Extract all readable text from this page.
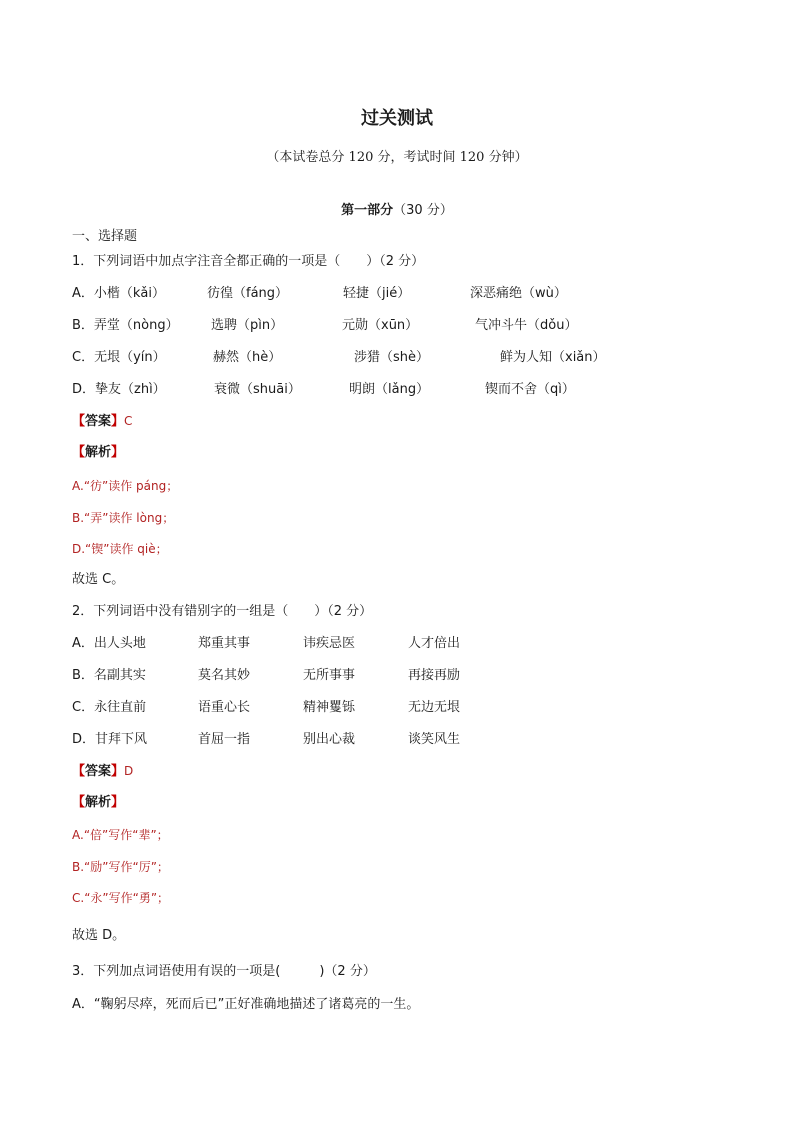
过关测试
（本试卷总分 120 分，考试时间 120 分钟）
第一部分（30 分）
一、选择题
1．下列词语中加点字注音全都正确的一项是（　　）（2 分）
A．小楷（kǎi）	彷徨（fáng）	轻捷（jié）	深恶痛绝（wù）
B．弄堂（nòng） 选聘（pìn）	元勋（xūn）	气冲斗牛（dǒu）
C．无垠（yín）	赫然（hè）	涉猎（shè）	鲜为人知（xiǎn）
D．挚友（zhì）	衰微（shuāi）	明朗（lǎng）	锲而不舍（qì）
【答案】C
【解析】
A.“彷”读作 páng；
B.“弄”读作 lòng；
D.“锲”读作 qiè；
故选 C。
2．下列词语中没有错别字的一组是（　　）（2 分）
A．出人头地	郑重其事	讳疾忌医	人才倍出
B．名副其实	莫名其妙	无所事事	再接再励
C．永往直前	语重心长	精神矍铄	无边无垠
D．甘拜下风	首屈一指	别出心裁	谈笑风生
【答案】D
【解析】
A.“倍”写作“辈”；
B.“励”写作“厉”；
C.“永”写作“勇”；
故选 D。
3．下列加点词语使用有误的一项是(　　　)（2 分）
A．“鞠躬尽瘁，死而后已”正好准确地描述了诸葛亮的一生。
